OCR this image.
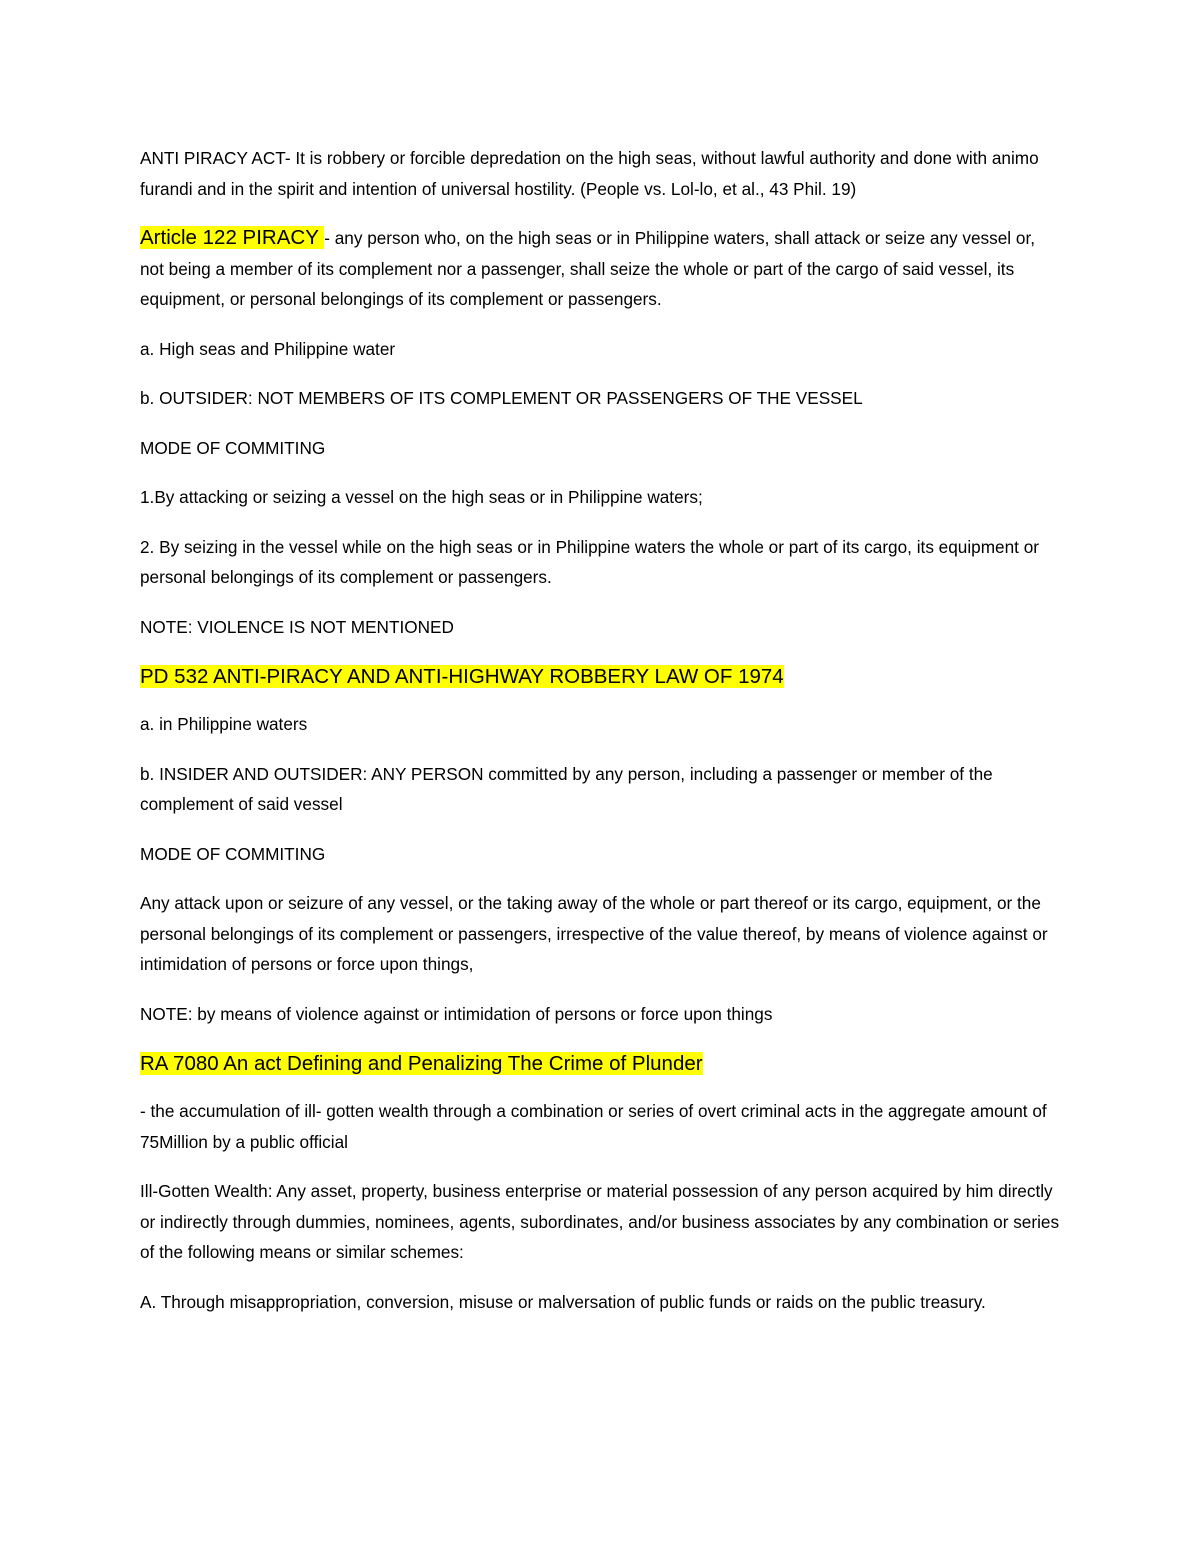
ANTI PIRACY ACT- It is robbery or forcible depredation on the high seas, without lawful authority and done with animo furandi and in the spirit and intention of universal hostility. (People vs. Lol-lo, et al., 43 Phil. 19)

Article 122 PIRACY - any person who, on the high seas or in Philippine waters, shall attack or seize any vessel or, not being a member of its complement nor a passenger, shall seize the whole or part of the cargo of said vessel, its equipment, or personal belongings of its complement or passengers.

a. High seas and Philippine water

b. OUTSIDER: NOT MEMBERS OF ITS COMPLEMENT OR PASSENGERS OF THE VESSEL

MODE OF COMMITING

1.By attacking or seizing a vessel on the high seas or in Philippine waters;

2. By seizing in the vessel while on the high seas or in Philippine waters the whole or part of its cargo, its equipment or personal belongings of its complement or passengers.

NOTE: VIOLENCE IS NOT MENTIONED

PD 532 ANTI-PIRACY AND ANTI-HIGHWAY ROBBERY LAW OF 1974

a. in Philippine waters

b. INSIDER AND OUTSIDER: ANY PERSON committed by any person, including a passenger or member of the complement of said vessel

MODE OF COMMITING

Any attack upon or seizure of any vessel, or the taking away of the whole or part thereof or its cargo, equipment, or the personal belongings of its complement or passengers, irrespective of the value thereof, by means of violence against or intimidation of persons or force upon things,

NOTE: by means of violence against or intimidation of persons or force upon things

RA 7080 An act Defining and Penalizing The Crime of Plunder

- the accumulation of ill- gotten wealth through a combination or series of overt criminal acts in the aggregate amount of 75Million by a public official

Ill-Gotten Wealth: Any asset, property, business enterprise or material possession of any person acquired by him directly or indirectly through dummies, nominees, agents, subordinates, and/or business associates by any combination or series of the following means or similar schemes:

A. Through misappropriation, conversion, misuse or malversation of public funds or raids on the public treasury.
